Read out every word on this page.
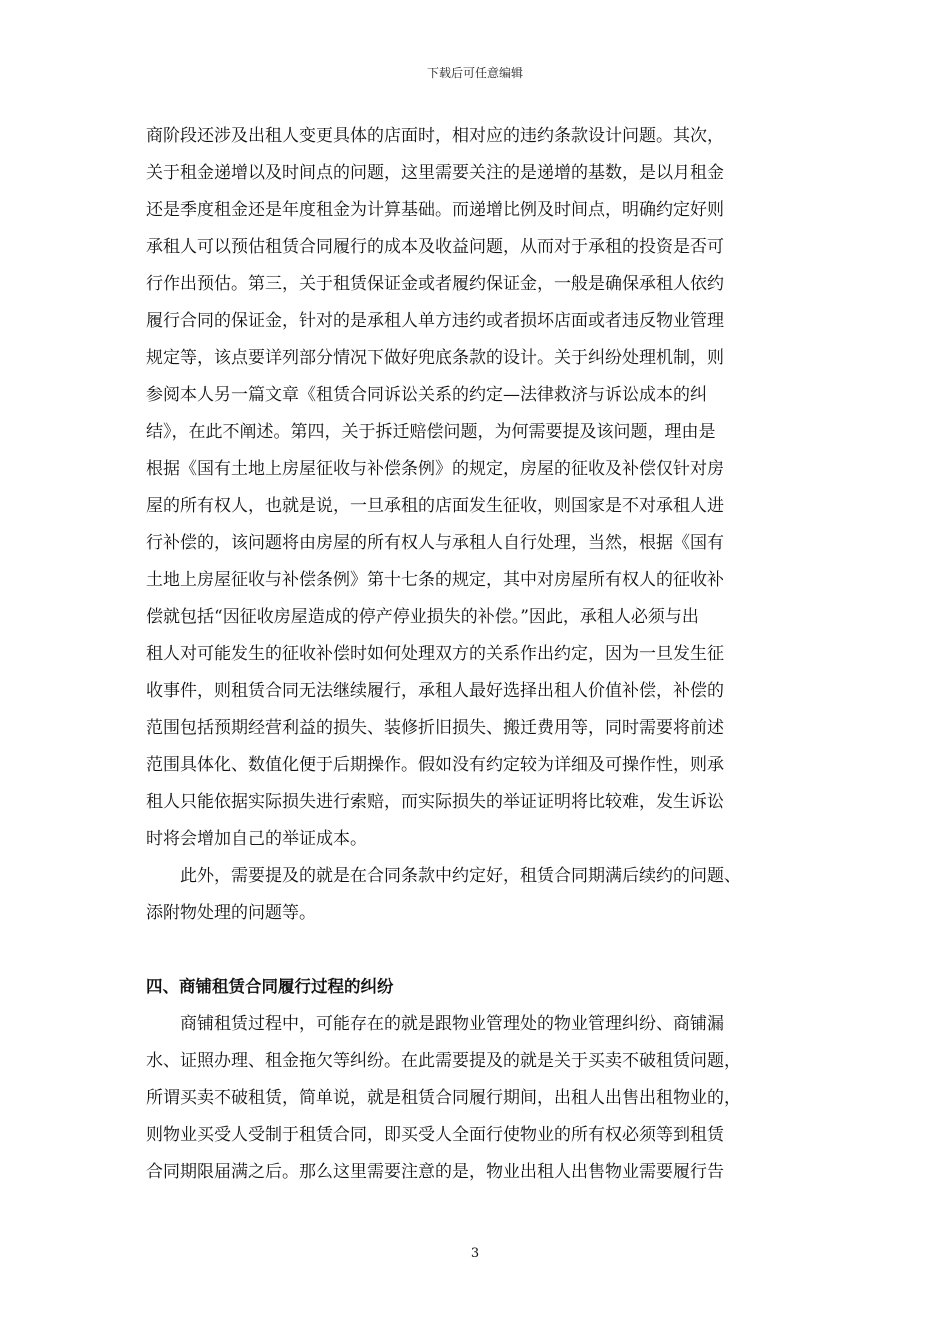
下载后可任意编辑
商阶段还涉及出租人变更具体的店面时，相对应的违约条款设计问题。其次，
关于租金递增以及时间点的问题，这里需要关注的是递增的基数，是以月租金
还是季度租金还是年度租金为计算基础。而递增比例及时间点，明确约定好则
承租人可以预估租赁合同履行的成本及收益问题，从而对于承租的投资是否可
行作出预估。第三，关于租赁保证金或者履约保证金，一般是确保承租人依约
履行合同的保证金，针对的是承租人单方违约或者损坏店面或者违反物业管理
规定等，该点要详列部分情况下做好兜底条款的设计。关于纠纷处理机制，则
参阅本人另一篇文章《租赁合同诉讼关系的约定—法律救济与诉讼成本的纠
结》，在此不阐述。第四，关于拆迁赔偿问题，为何需要提及该问题，理由是
根据《国有土地上房屋征收与补偿条例》的规定，房屋的征收及补偿仅针对房
屋的所有权人，也就是说，一旦承租的店面发生征收，则国家是不对承租人进
行补偿的，该问题将由房屋的所有权人与承租人自行处理，当然，根据《国有
土地上房屋征收与补偿条例》第十七条的规定，其中对房屋所有权人的征收补
偿就包括“因征收房屋造成的停产停业损失的补偿。”因此，承租人必须与出
租人对可能发生的征收补偿时如何处理双方的关系作出约定，因为一旦发生征
收事件，则租赁合同无法继续履行，承租人最好选择出租人价值补偿，补偿的
范围包括预期经营利益的损失、装修折旧损失、搬迁费用等，同时需要将前述
范围具体化、数值化便于后期操作。假如没有约定较为详细及可操作性，则承
租人只能依据实际损失进行索赔，而实际损失的举证证明将比较难，发生诉讼
时将会增加自己的举证成本。
　　此外，需要提及的就是在合同条款中约定好，租赁合同期满后续约的问题、
添附物处理的问题等。
四、商铺租赁合同履行过程的纠纷
　　商铺租赁过程中，可能存在的就是跟物业管理处的物业管理纠纷、商铺漏
水、证照办理、租金拖欠等纠纷。在此需要提及的就是关于买卖不破租赁问题，
所谓买卖不破租赁，简单说，就是租赁合同履行期间，出租人出售出租物业的，
则物业买受人受制于租赁合同，即买受人全面行使物业的所有权必须等到租赁
合同期限届满之后。那么这里需要注意的是，物业出租人出售物业需要履行告
3
